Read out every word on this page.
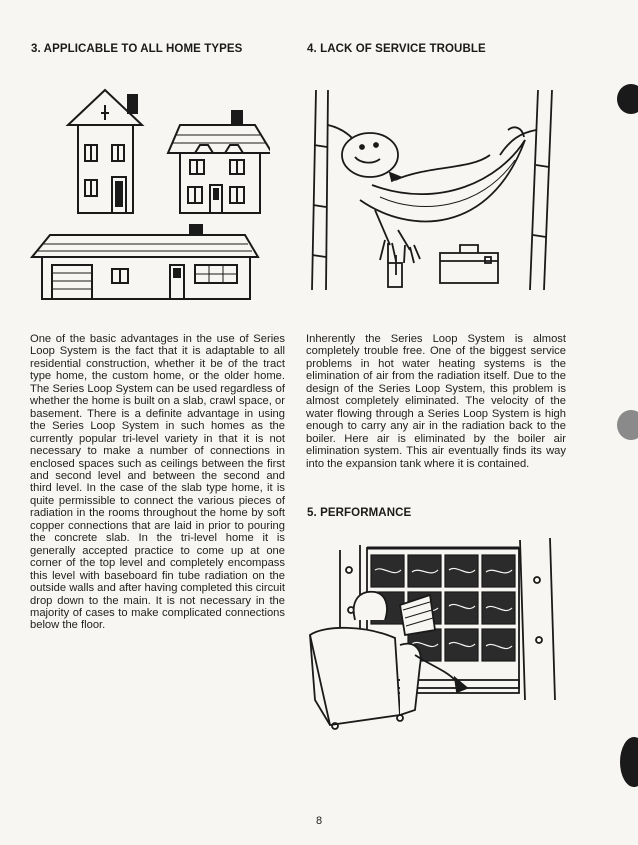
3. APPLICABLE TO ALL HOME TYPES	4. LACK OF SERVICE TROUBLE
5. PERFORMANCE

One of the basic advantages in the use of Series Loop System is the fact that it is adaptable to all residential construction, whether it be of the tract type home, the custom home, or the older home. The Series Loop System can be used regardless of whether the home is built on a slab, crawl space, or basement. There is a definite advantage in using the Series Loop System in such homes as the currently popular tri-level variety in that it is not necessary to make a number of connections in enclosed spaces such as ceilings between the first and second level and between the second and third level. In the case of the slab type home, it is quite permissible to connect the various pieces of radiation in the rooms throughout the home by soft copper connections that are laid in prior to pouring the concrete slab. In the tri-level home it is generally accepted practice to come up at one corner of the top level and completely encompass this level with baseboard fin tube radiation on the outside walls and after having completed this circuit drop down to the main. It is not necessary in the majority of cases to make complicated connections below the floor.

Inherently the Series Loop System is almost completely trouble free. One of the biggest service problems in hot water heating systems is the elimination of air from the radiation itself. Due to the design of the Series Loop System, this problem is almost completely eliminated. The velocity of the water flowing through a Series Loop System is high enough to carry any air in the radiation back to the boiler. Here air is eliminated by the boiler air elimination system. This air eventually finds its way into the expansion tank where it is contained.

8
